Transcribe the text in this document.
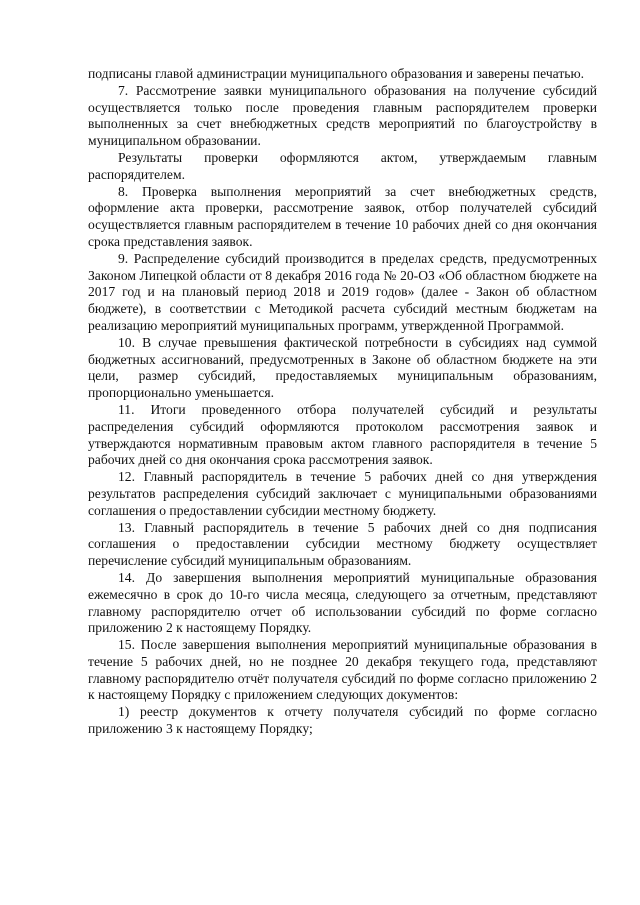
подписаны главой администрации муниципального образования и заверены печатью.

7. Рассмотрение заявки муниципального образования на получение субсидий осуществляется только после проведения главным распорядителем проверки выполненных за счет внебюджетных средств мероприятий по благоустройству в муниципальном образовании.

Результаты проверки оформляются актом, утверждаемым главным распорядителем.

8. Проверка выполнения мероприятий за счет внебюджетных средств, оформление акта проверки, рассмотрение заявок, отбор получателей субсидий осуществляется главным распорядителем в течение 10 рабочих дней со дня окончания срока представления заявок.

9. Распределение субсидий производится в пределах средств, предусмотренных Законом Липецкой области от 8 декабря 2016 года № 20-ОЗ «Об областном бюджете на 2017 год и на плановый период 2018 и 2019 годов» (далее - Закон об областном бюджете), в соответствии с Методикой расчета субсидий местным бюджетам на реализацию мероприятий муниципальных программ, утвержденной Программой.

10. В случае превышения фактической потребности в субсидиях над суммой бюджетных ассигнований, предусмотренных в Законе об областном бюджете на эти цели, размер субсидий, предоставляемых муниципальным образованиям, пропорционально уменьшается.

11. Итоги проведенного отбора получателей субсидий и результаты распределения субсидий оформляются протоколом рассмотрения заявок и утверждаются нормативным правовым актом главного распорядителя в течение 5 рабочих дней со дня окончания срока рассмотрения заявок.

12. Главный распорядитель в течение 5 рабочих дней со дня утверждения результатов распределения субсидий заключает с муниципальными образованиями соглашения о предоставлении субсидии местному бюджету.

13. Главный распорядитель в течение 5 рабочих дней со дня подписания соглашения о предоставлении субсидии местному бюджету осуществляет перечисление субсидий муниципальным образованиям.

14. До завершения выполнения мероприятий муниципальные образования ежемесячно в срок до 10-го числа месяца, следующего за отчетным, представляют главному распорядителю отчет об использовании субсидий по форме согласно приложению 2 к настоящему Порядку.

15. После завершения выполнения мероприятий муниципальные образования в течение 5 рабочих дней, но не позднее 20 декабря текущего года, представляют главному распорядителю отчёт получателя субсидий по форме согласно приложению 2 к настоящему Порядку с приложением следующих документов:

1) реестр документов к отчету получателя субсидий по форме согласно приложению 3 к настоящему Порядку;
